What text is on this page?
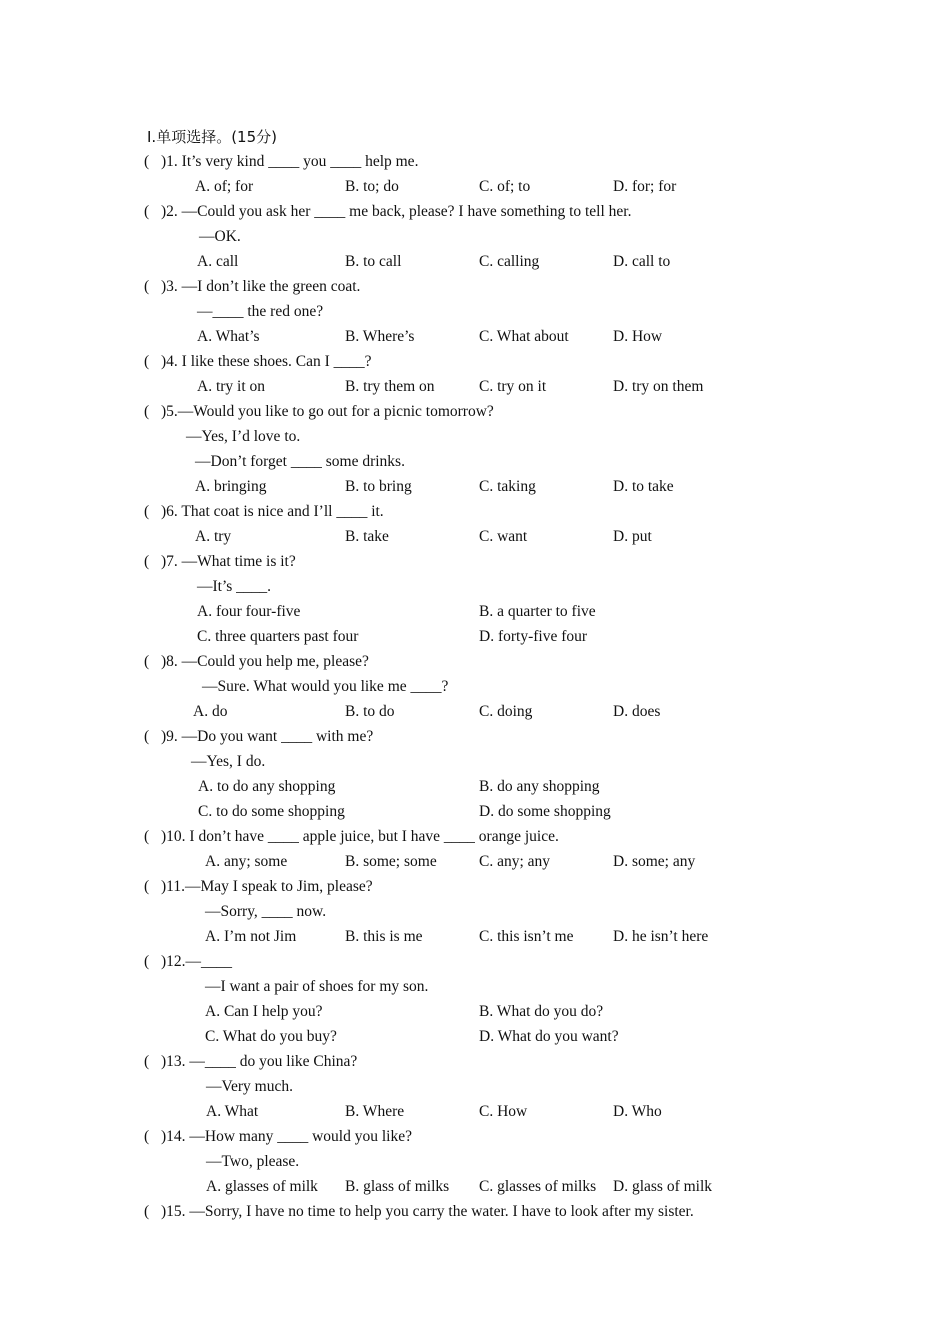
Ⅰ.单项选择。(15分)
( )1. It’s very kind ____ you ____ help me.
A. of; for	B. to; do	C. of; to	D. for; for
( )2. —Could you ask her ____ me back, please? I have something to tell her.
—OK.
A. call	B. to call	C. calling	D. call to
( )3. —I don’t like the green coat.
—____ the red one?
A. What’s	B. Where’s	C. What about	D. How
( )4. I like these shoes. Can I ____?
A. try it on	B. try them on	C. try on it	D. try on them
( )5.—Would you like to go out for a picnic tomorrow?
—Yes, I’d love to.
—Don’t forget ____ some drinks.
A. bringing	B. to bring	C. taking	D. to take
( )6. That coat is nice and I’ll ____ it.
A. try	B. take	C. want	D. put
( )7. —What time is it?
—It’s ____.
A. four four-five	B. a quarter to five
C. three quarters past four	D. forty-five four
( )8. —Could you help me, please?
—Sure. What would you like me ____?
A. do	B. to do	C. doing	D. does
( )9. —Do you want ____ with me?
—Yes, I do.
A. to do any shopping	B. do any shopping
C. to do some shopping	D. do some shopping
( )10. I don’t have ____ apple juice, but I have ____ orange juice.
A. any; some	B. some; some	C. any; any	D. some; any
( )11.—May I speak to Jim, please?
—Sorry, ____ now.
A. I’m not Jim	B. this is me	C. this isn’t me	D. he isn’t here
( )12.—____
—I want a pair of shoes for my son.
A. Can I help you?	B. What do you do?
C. What do you buy?	D. What do you want?
( )13. —____ do you like China?
—Very much.
A. What	B. Where	C. How	D. Who
( )14. —How many ____ would you like?
—Two, please.
A. glasses of milk B. glass of milks C. glasses of milks D. glass of milk
( )15. —Sorry, I have no time to help you carry the water. I have to look after my sister.
